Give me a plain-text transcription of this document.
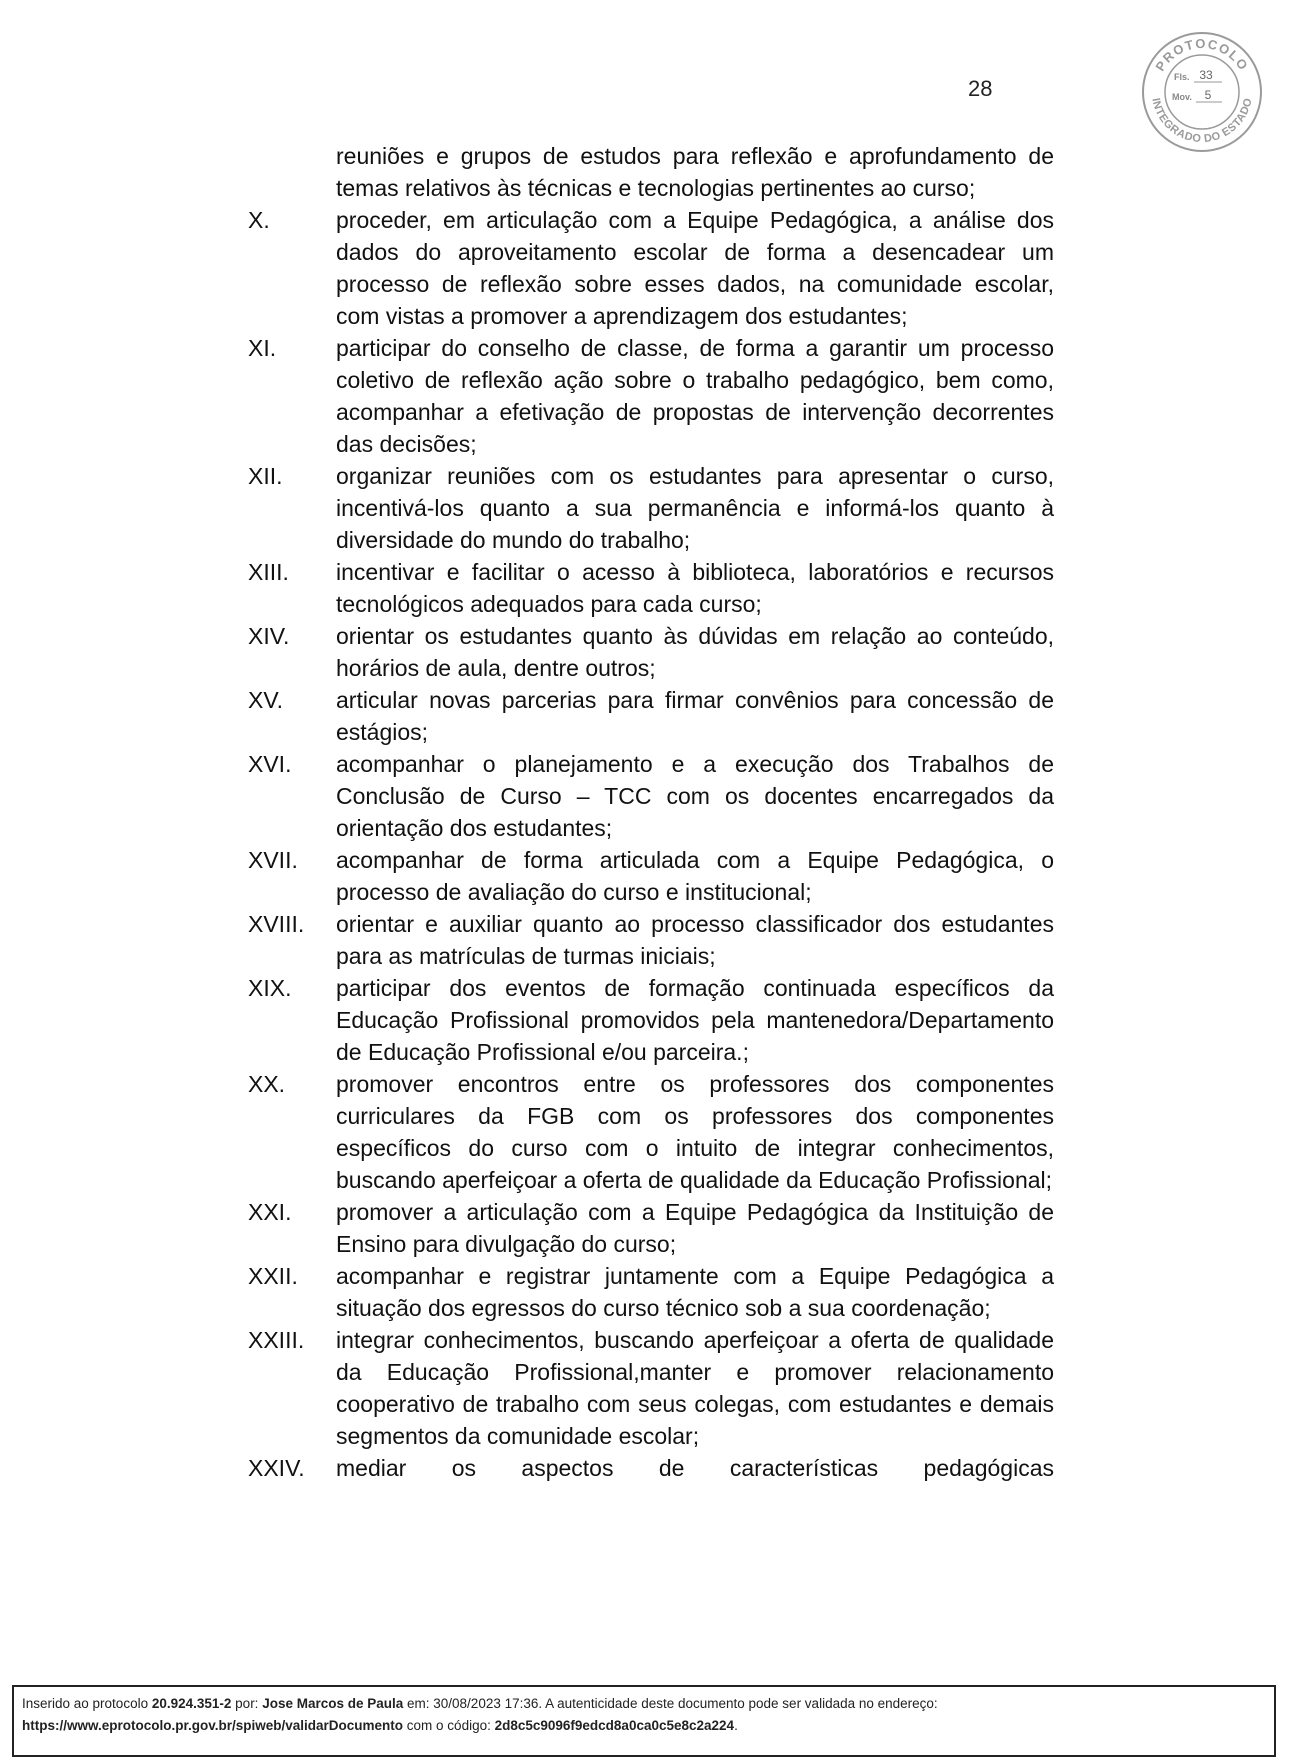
28
PROTOCOLO
INTEGRADO DO ESTADO
Fls. 33
Mov. 5
reuniões e grupos de estudos para reflexão e aprofundamento de temas relativos às técnicas e tecnologias pertinentes ao curso;
X.	proceder, em articulação com a Equipe Pedagógica, a análise dos dados do aproveitamento escolar de forma a desencadear um processo de reflexão sobre esses dados, na comunidade escolar, com vistas a promover a aprendizagem dos estudantes;
XI.	participar do conselho de classe, de forma a garantir um processo coletivo de reflexão ação sobre o trabalho pedagógico, bem como, acompanhar a efetivação de propostas de intervenção decorrentes das decisões;
XII.	organizar reuniões com os estudantes para apresentar o curso, incentivá-los quanto a sua permanência e informá-los quanto à diversidade do mundo do trabalho;
XIII.	incentivar e facilitar o acesso à biblioteca, laboratórios e recursos tecnológicos adequados para cada curso;
XIV.	orientar os estudantes quanto às dúvidas em relação ao conteúdo, horários de aula, dentre outros;
XV.	articular novas parcerias para firmar convênios para concessão de estágios;
XVI.	acompanhar o planejamento e a execução dos Trabalhos de Conclusão de Curso – TCC com os docentes encarregados da orientação dos estudantes;
XVII.	acompanhar de forma articulada com a Equipe Pedagógica, o processo de avaliação do curso e institucional;
XVIII.	orientar e auxiliar quanto ao processo classificador dos estudantes para as matrículas de turmas iniciais;
XIX.	participar dos eventos de formação continuada específicos da Educação Profissional promovidos pela mantenedora/Departamento de Educação Profissional e/ou parceira.;
XX.	promover encontros entre os professores dos componentes curriculares da FGB com os professores dos componentes específicos do curso com o intuito de integrar conhecimentos, buscando aperfeiçoar a oferta de qualidade da Educação Profissional;
XXI.	promover a articulação com a Equipe Pedagógica da Instituição de Ensino para divulgação do curso;
XXII.	acompanhar e registrar juntamente com a Equipe Pedagógica a situação dos egressos do curso técnico sob a sua coordenação;
XXIII.	integrar conhecimentos, buscando aperfeiçoar a oferta de qualidade da Educação Profissional,manter e promover relacionamento cooperativo de trabalho com seus colegas, com estudantes e demais segmentos da comunidade escolar;
XXIV.	mediar os aspectos de características pedagógicas
Inserido ao protocolo 20.924.351-2 por: Jose Marcos de Paula em: 30/08/2023 17:36. A autenticidade deste documento pode ser validada no endereço:
https://www.eprotocolo.pr.gov.br/spiweb/validarDocumento com o código: 2d8c5c9096f9edcd8a0ca0c5e8c2a224.
